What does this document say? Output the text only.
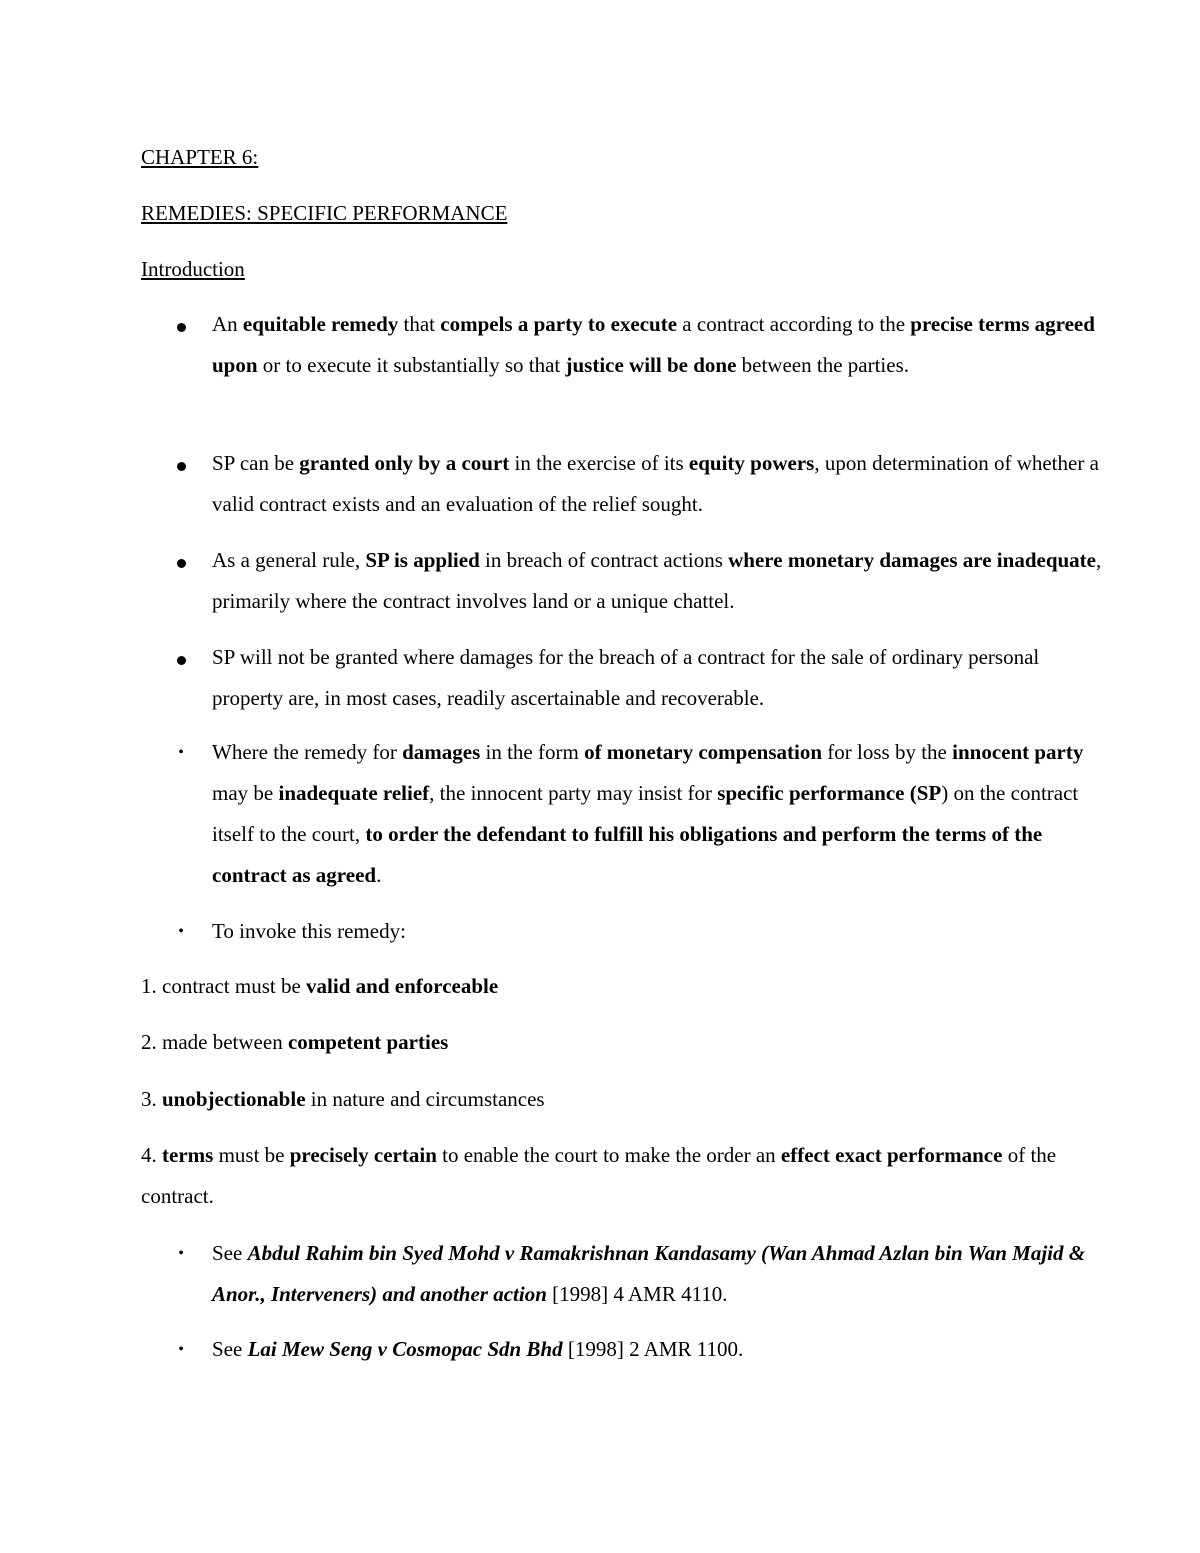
CHAPTER 6:
REMEDIES: SPECIFIC PERFORMANCE
Introduction
An equitable remedy that compels a party to execute a contract according to the precise terms agreed upon or to execute it substantially so that justice will be done between the parties.
SP can be granted only by a court in the exercise of its equity powers, upon determination of whether a valid contract exists and an evaluation of the relief sought.
As a general rule, SP is applied in breach of contract actions where monetary damages are inadequate, primarily where the contract involves land or a unique chattel.
SP will not be granted where damages for the breach of a contract for the sale of ordinary personal property are, in most cases, readily ascertainable and recoverable.
• Where the remedy for damages in the form of monetary compensation for loss by the innocent party may be inadequate relief, the innocent party may insist for specific performance (SP) on the contract itself to the court, to order the defendant to fulfill his obligations and perform the terms of the contract as agreed.
• To invoke this remedy:
1. contract must be valid and enforceable
2. made between competent parties
3. unobjectionable in nature and circumstances
4. terms must be precisely certain to enable the court to make the order an effect exact performance of the contract.
• See Abdul Rahim bin Syed Mohd v Ramakrishnan Kandasamy (Wan Ahmad Azlan bin Wan Majid & Anor., Interveners) and another action [1998] 4 AMR 4110.
• See Lai Mew Seng v Cosmopac Sdn Bhd [1998] 2 AMR 1100.
